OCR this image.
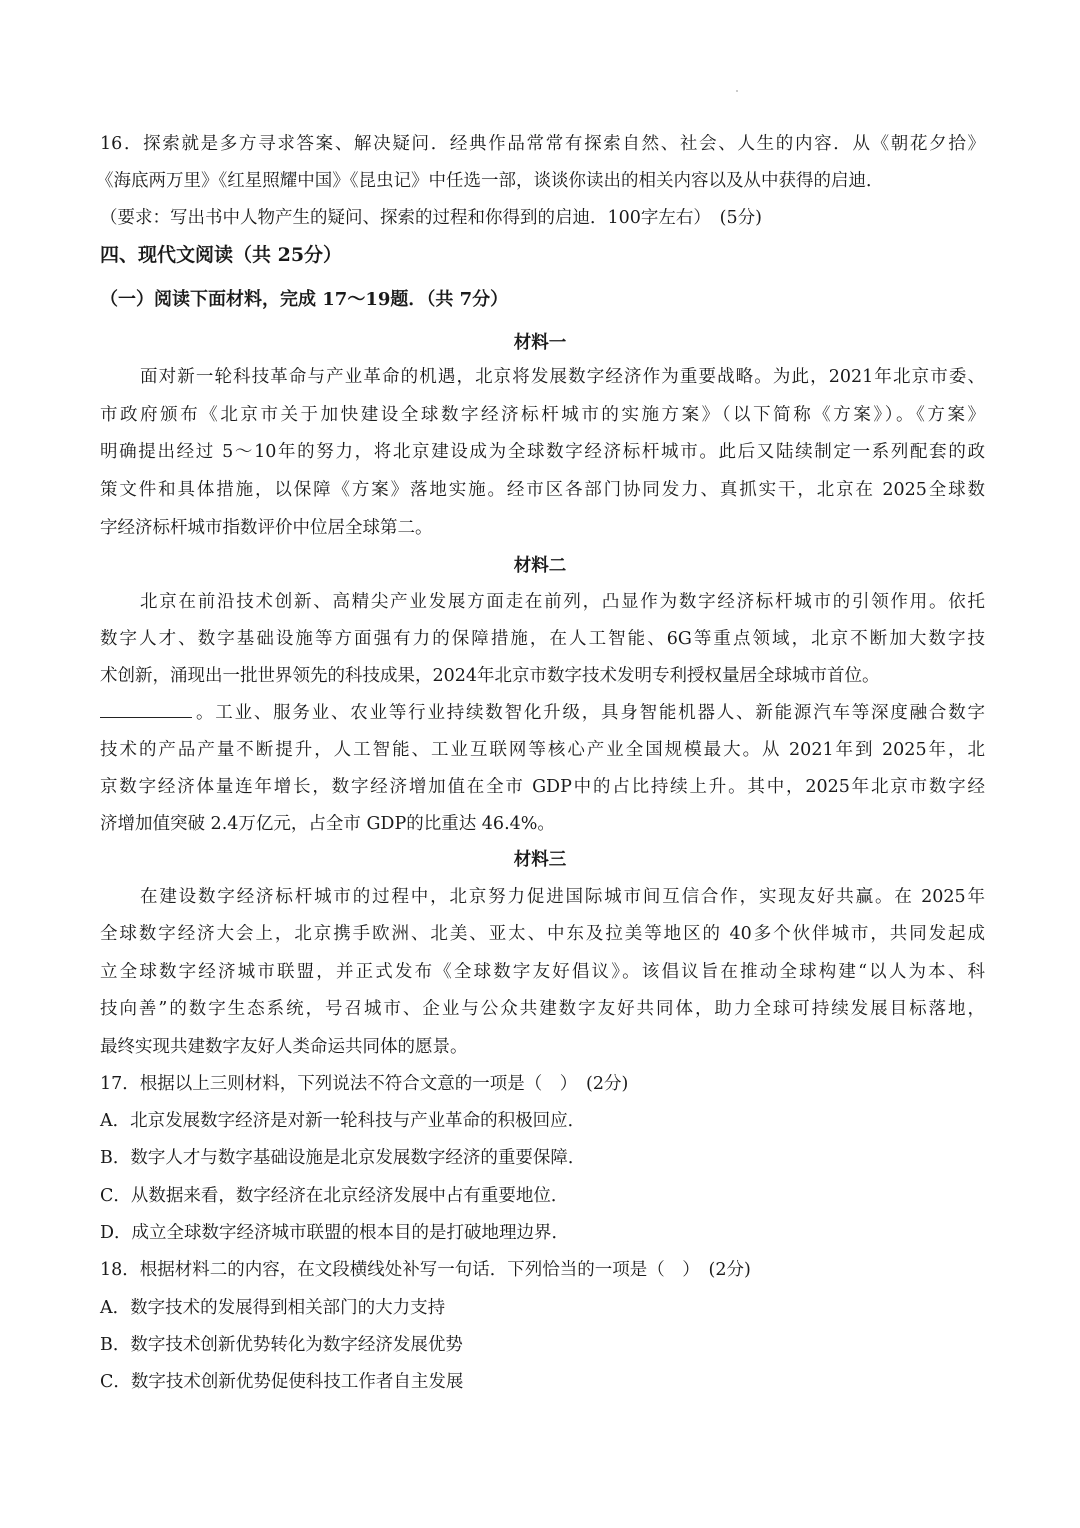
16．探索就是多方寻求答案、解决疑问．经典作品常常有探索自然、社会、人生的内容．从《朝花夕拾》
《海底两万里》《红星照耀中国》《昆虫记》中任选一部，谈谈你读出的相关内容以及从中获得的启迪．
（要求：写出书中人物产生的疑问、探索的过程和你得到的启迪．100字左右）　(5分)
四、现代文阅读（共 25分）
（一）阅读下面材料，完成 17～19题．（共 7分）
材料一
面对新一轮科技革命与产业革命的机遇，北京将发展数字经济作为重要战略。为此，2021年北京市委、
市政府颁布《北京市关于加快建设全球数字经济标杆城市的实施方案》（以下简称《方案》）。《方案》
明确提出经过 5～10年的努力，将北京建设成为全球数字经济标杆城市。此后又陆续制定一系列配套的政
策文件和具体措施，以保障《方案》落地实施。经市区各部门协同发力、真抓实干，北京在 2025全球数
字经济标杆城市指数评价中位居全球第二。
材料二
北京在前沿技术创新、高精尖产业发展方面走在前列，凸显作为数字经济标杆城市的引领作用。依托
数字人才、数字基础设施等方面强有力的保障措施，在人工智能、6G等重点领域，北京不断加大数字技
术创新，涌现出一批世界领先的科技成果，2024年北京市数字技术发明专利授权量居全球城市首位。
。工业、服务业、农业等行业持续数智化升级，具身智能机器人、新能源汽车等深度融合数字
技术的产品产量不断提升，人工智能、工业互联网等核心产业全国规模最大。从 2021年到 2025年，北
京数字经济体量连年增长，数字经济增加值在全市 GDP中的占比持续上升。其中，2025年北京市数字经
济增加值突破 2.4万亿元，占全市 GDP的比重达 46.4%。
材料三
在建设数字经济标杆城市的过程中，北京努力促进国际城市间互信合作，实现友好共赢。在 2025年
全球数字经济大会上，北京携手欧洲、北美、亚太、中东及拉美等地区的 40多个伙伴城市，共同发起成
立全球数字经济城市联盟，并正式发布《全球数字友好倡议》。该倡议旨在推动全球构建“以人为本、科
技向善”的数字生态系统，号召城市、企业与公众共建数字友好共同体，助力全球可持续发展目标落地，
最终实现共建数字友好人类命运共同体的愿景。
17．根据以上三则材料，下列说法不符合文意的一项是（　）　(2分)
A．北京发展数字经济是对新一轮科技与产业革命的积极回应．
B．数字人才与数字基础设施是北京发展数字经济的重要保障．
C．从数据来看，数字经济在北京经济发展中占有重要地位．
D．成立全球数字经济城市联盟的根本目的是打破地理边界．
18．根据材料二的内容，在文段横线处补写一句话．下列恰当的一项是（　）　(2分)
A．数字技术的发展得到相关部门的大力支持
B．数字技术创新优势转化为数字经济发展优势
C．数字技术创新优势促使科技工作者自主发展
